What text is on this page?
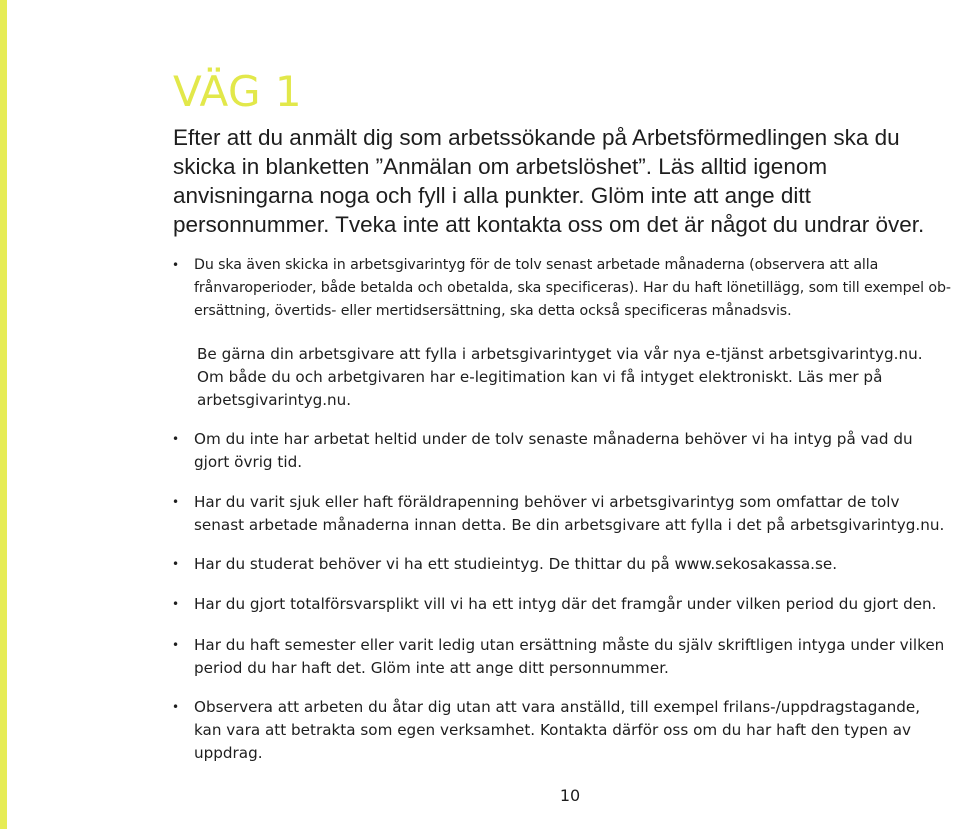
VÄG 1

Efter att du anmält dig som arbetssökande på Arbetsförmedlingen ska du skicka in blanketten ”Anmälan om arbetslöshet”. Läs alltid igenom anvisningarna noga och fyll i alla punkter. Glöm inte att ange ditt personnummer. Tveka inte att kontakta oss om det är något du undrar över.

• Du ska även skicka in arbetsgivarintyg för de tolv senast arbetade månaderna (observera att alla frånvaroperioder, både betalda och obetalda, ska specificeras). Har du haft lönetillägg, som till exempel ob-ersättning, övertids- eller mertidsersättning, ska detta också specificeras månadsvis.
• Om du inte har arbetat heltid under de tolv senaste månaderna behöver vi ha intyg på vad du gjort övrig tid.
• Har du varit sjuk eller haft föräldrapenning behöver vi arbetsgivarintyg som omfattar de tolv senast arbetade månaderna innan detta. Be din arbetsgivare att fylla i det på arbetsgivarintyg.nu.
• Har du studerat behöver vi ha ett studieintyg. De thittar du på www.sekosakassa.se.
• Har du gjort totalförsvarsplikt vill vi ha ett intyg där det framgår under vilken period du gjort den.
• Har du haft semester eller varit ledig utan ersättning måste du själv skriftligen intyga under vilken period du har haft det. Glöm inte att ange ditt personnummer.
• Observera att arbeten du åtar dig utan att vara anställd, till exempel frilans-/uppdragstagande, kan vara att betrakta som egen verksamhet. Kontakta därför oss om du har haft den typen av uppdrag.

Be gärna din arbetsgivare att fylla i arbetsgivarintyget via vår nya e-tjänst arbetsgivarintyg.nu. Om både du och arbetgivaren har e-legitimation kan vi få intyget elektroniskt. Läs mer på arbetsgivarintyg.nu.

10
